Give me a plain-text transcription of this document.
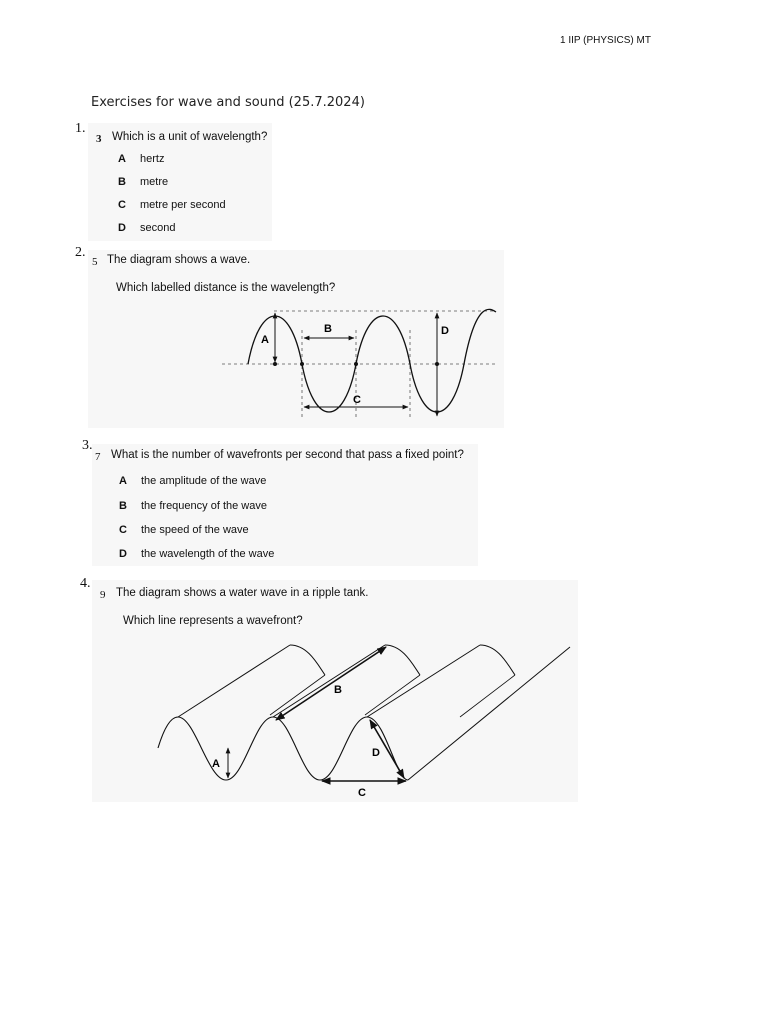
1 IIP (PHYSICS) MT
Exercises for wave and sound (25.7.2024)
1.
3 Which is a unit of wavelength?
A hertz
B metre
C metre per second
D second
2.
5 The diagram shows a wave.
Which labelled distance is the wavelength?
A
B
C
D
3.
7 What is the number of wavefronts per second that pass a fixed point?
A the amplitude of the wave
B the frequency of the wave
C the speed of the wave
D the wavelength of the wave
4.
9 The diagram shows a water wave in a ripple tank.
Which line represents a wavefront?
B
A
D
C
